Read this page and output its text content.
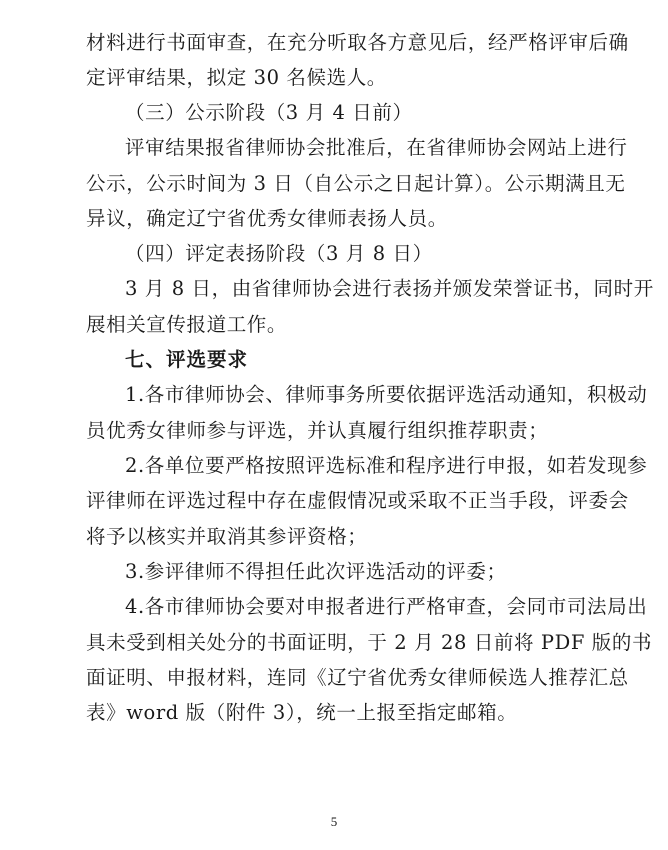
材料进行书面审查，在充分听取各方意见后，经严格评审后确
定评审结果，拟定 30 名候选人。
（三）公示阶段（3 月 4 日前）
评审结果报省律师协会批准后，在省律师协会网站上进行
公示，公示时间为 3 日（自公示之日起计算）。公示期满且无
异议，确定辽宁省优秀女律师表扬人员。
（四）评定表扬阶段（3 月 8 日）
3 月 8 日，由省律师协会进行表扬并颁发荣誉证书，同时开
展相关宣传报道工作。
七、评选要求
1.各市律师协会、律师事务所要依据评选活动通知，积极动
员优秀女律师参与评选，并认真履行组织推荐职责；
2.各单位要严格按照评选标准和程序进行申报，如若发现参
评律师在评选过程中存在虚假情况或采取不正当手段，评委会
将予以核实并取消其参评资格；
3.参评律师不得担任此次评选活动的评委；
4.各市律师协会要对申报者进行严格审查，会同市司法局出
具未受到相关处分的书面证明，于 2 月 28 日前将 PDF 版的书
面证明、申报材料，连同《辽宁省优秀女律师候选人推荐汇总
表》word 版（附件 3），统一上报至指定邮箱。
5
